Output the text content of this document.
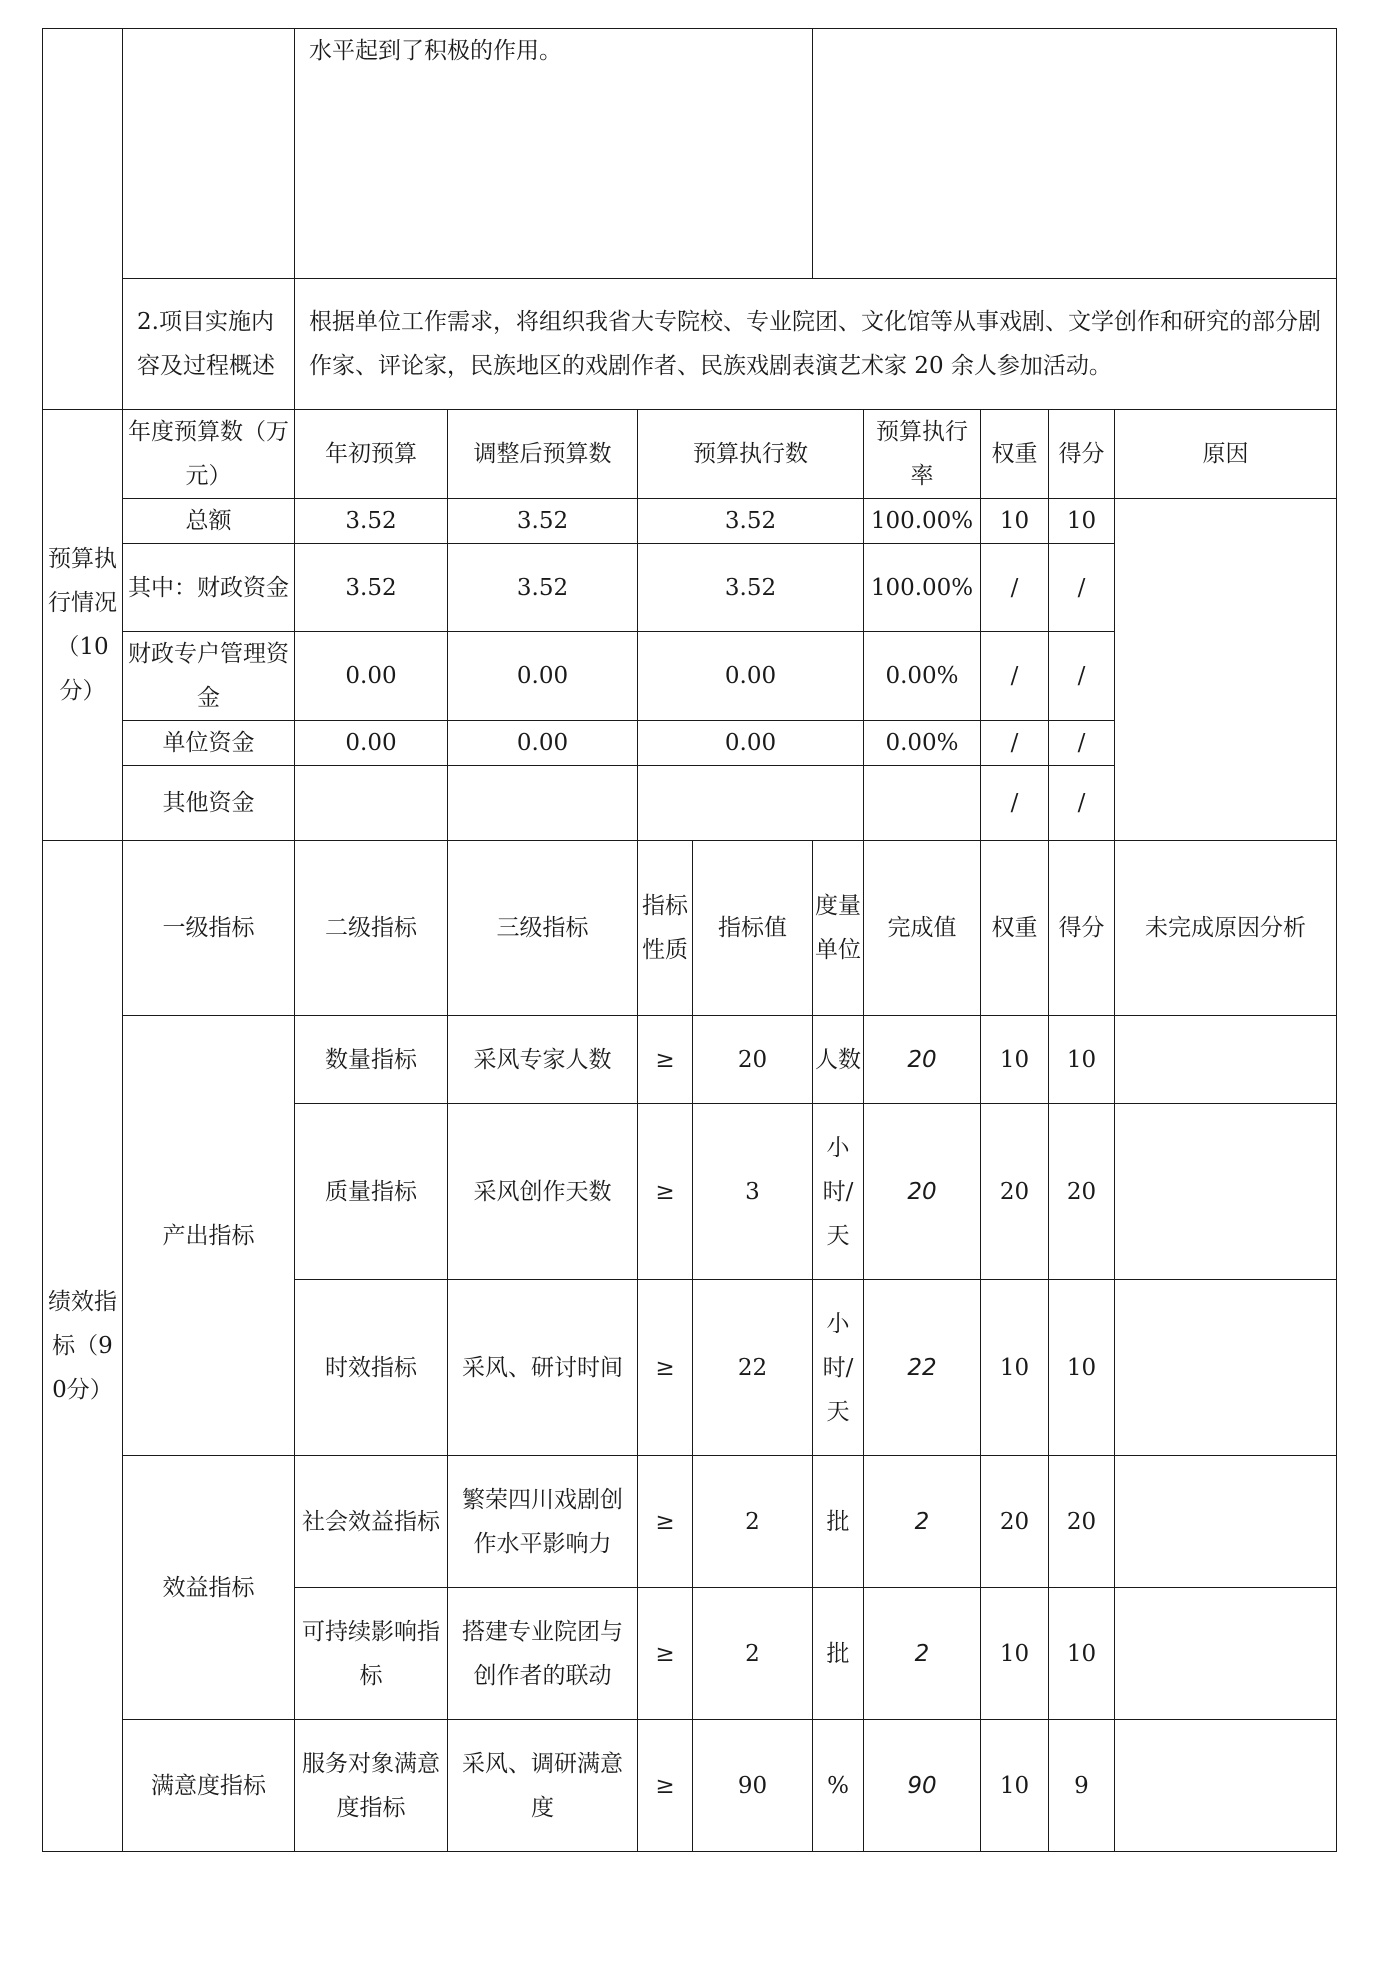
		水平起到了积极的作用。								
	2.项目实施内容及过程概述	根据单位工作需求，将组织我省大专院校、专业院团、文化馆等从事戏剧、文学创作和研究的部分剧作家、评论家，民族地区的戏剧作者、民族戏剧表演艺术家 20 余人参加活动。								
预算执行情况（10分）	年度预算数（万元）	年初预算	调整后预算数	预算执行数			预算执行率	权重	得分	原因
	总额	3.52	3.52	3.52			100.00%	10	10	
	其中：财政资金	3.52	3.52	3.52			100.00%	/	/	
	财政专户管理资金	0.00	0.00	0.00			0.00%	/	/	
	单位资金	0.00	0.00	0.00			0.00%	/	/	
	其他资金							/	/	
绩效指标（90分）	一级指标	二级指标	三级指标	指标性质	指标值	度量单位	完成值	权重	得分	未完成原因分析
	产出指标	数量指标	采风专家人数	≥	20	人数	20	10	10	
		质量指标	采风创作天数	≥	3	小时/天	20	20	20	
		时效指标	采风、研讨时间	≥	22	小时/天	22	10	10	
	效益指标	社会效益指标	繁荣四川戏剧创作水平影响力	≥	2	批	2	20	20	
		可持续影响指标	搭建专业院团与创作者的联动	≥	2	批	2	10	10	
	满意度指标	服务对象满意度指标	采风、调研满意度	≥	90	%	90	10	9	
